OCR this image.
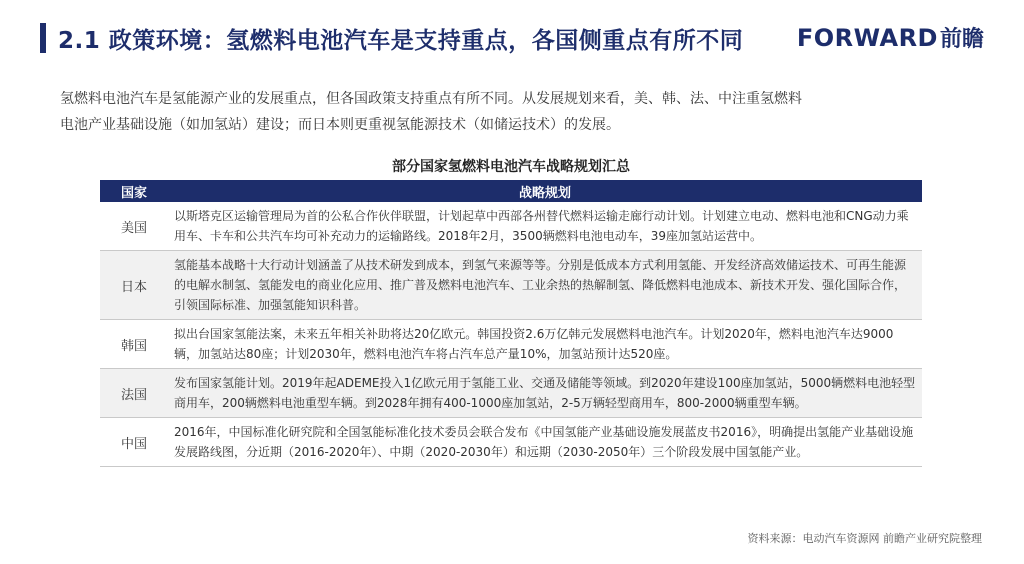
2.1 政策环境：氢燃料电池汽车是支持重点，各国侧重点有所不同 FORWARD 前瞻

氢燃料电池汽车是氢能源产业的发展重点，但各国政策支持重点有所不同。从发展规划来看，美、韩、法、中注重氢燃料

电池产业基础设施（如加氢站）建设；而日本则更重视氢能源技术（如储运技术）的发展。

部分国家氢燃料电池汽车战略规划汇总
国家	战略规划
美国	以斯塔克区运输管理局为首的公私合作伙伴联盟，计划起草中西部各州替代燃料运输走廊行动计划。计划建立电动、燃料电池和CNG动力乘用车、卡车和公共汽车均可补充动力的运输路线。2018年2月，3500辆燃料电池电动车，39座加氢站运营中。
日本	氢能基本战略十大行动计划涵盖了从技术研发到成本，到氢气来源等等。分别是低成本方式利用氢能、开发经济高效储运技术、可再生能源的电解水制氢、氢能发电的商业化应用、推广普及燃料电池汽车、工业余热的热解制氢、降低燃料电池成本、新技术开发、强化国际合作，引领国际标准、加强氢能知识科普。
韩国	拟出台国家氢能法案，未来五年相关补助将达20亿欧元。韩国投资2.6万亿韩元发展燃料电池汽车。计划2020年，燃料电池汽车达9000辆，加氢站达80座；计划2030年，燃料电池汽车将占汽车总产量10%，加氢站预计达520座。
法国	发布国家氢能计划。2019年起ADEME投入1亿欧元用于氢能工业、交通及储能等领域。到2020年建设100座加氢站，5000辆燃料电池轻型商用车，200辆燃料电池重型车辆。到2028年拥有400-1000座加氢站，2-5万辆轻型商用车，800-2000辆重型车辆。
中国	2016年，中国标准化研究院和全国氢能标准化技术委员会联合发布《中国氢能产业基础设施发展蓝皮书2016》，明确提出氢能产业基础设施发展路线图，分近期（2016-2020年）、中期（2020-2030年）和远期（2030-2050年）三个阶段发展中国氢能产业。
资料来源：电动汽车资源网 前瞻产业研究院整理
